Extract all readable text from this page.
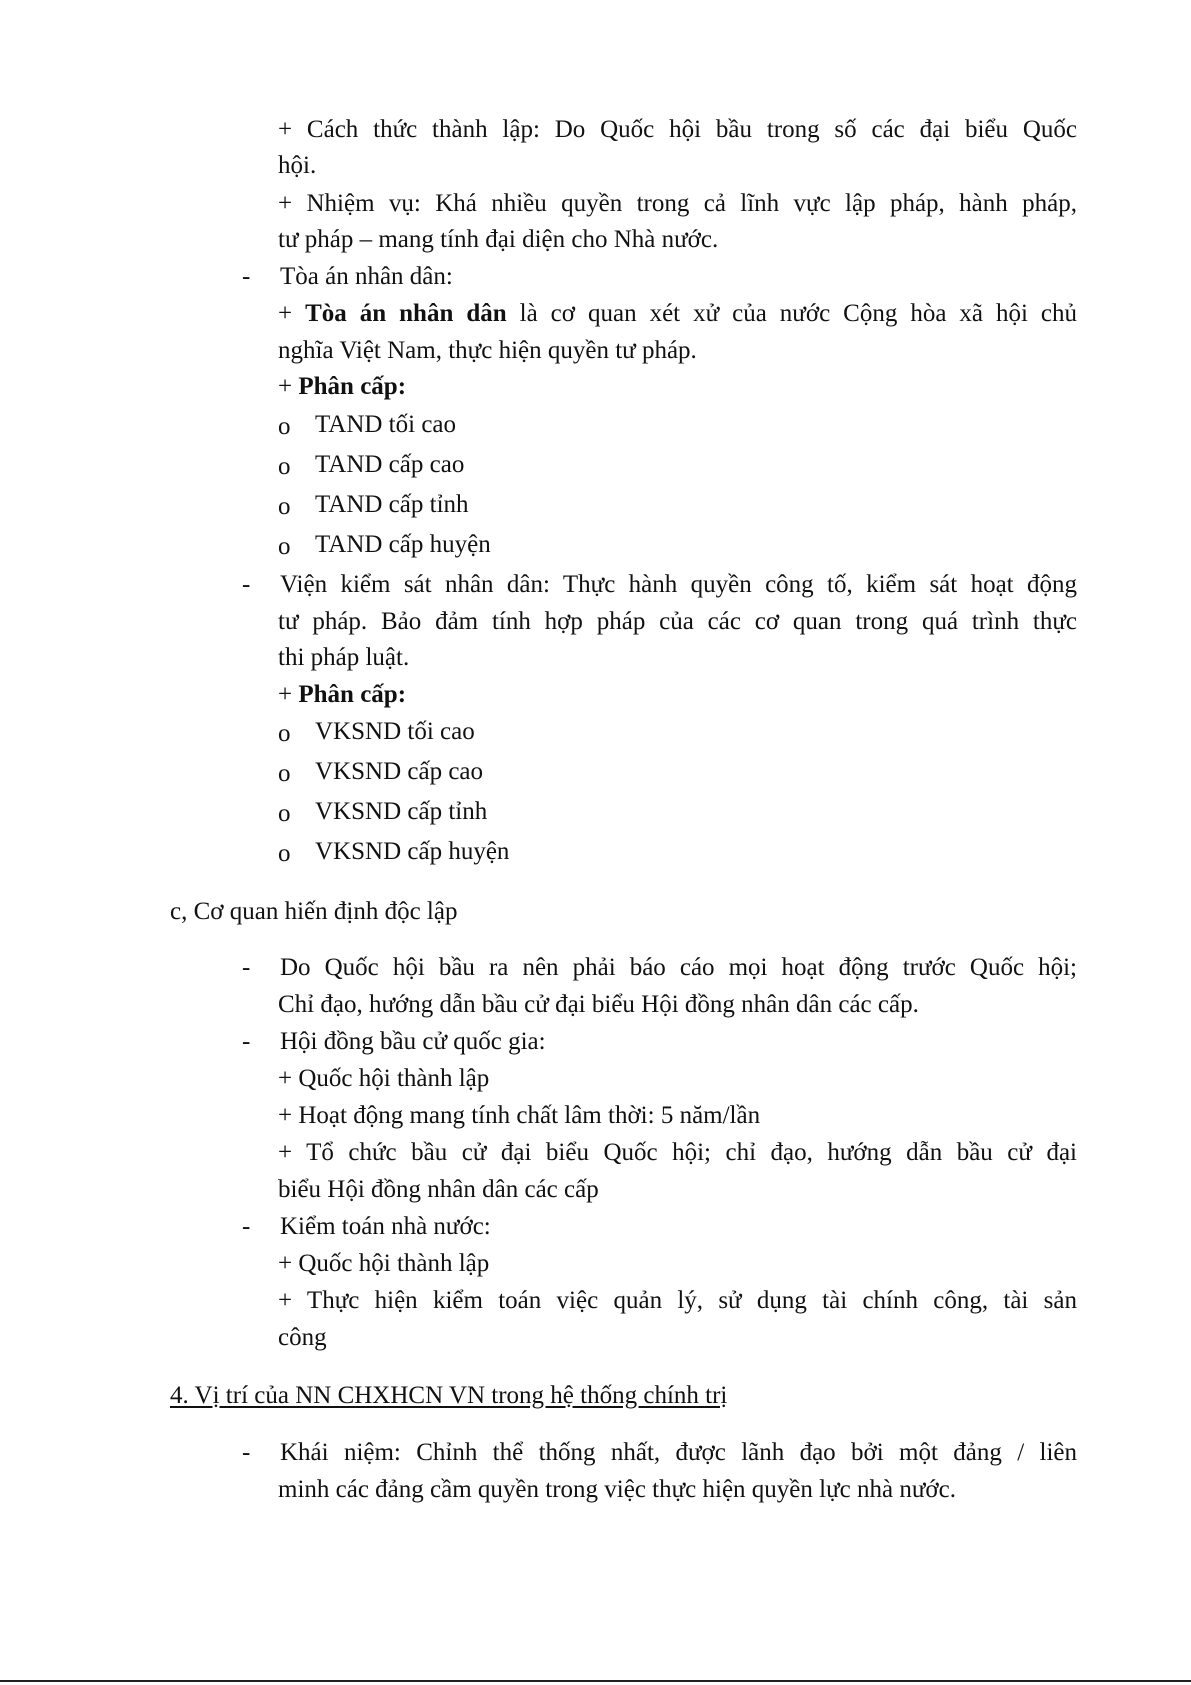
+ Cách thức thành lập: Do Quốc hội bầu trong số các đại biểu Quốc
hội.
+ Nhiệm vụ: Khá nhiều quyền trong cả lĩnh vực lập pháp, hành pháp,
tư pháp – mang tính đại diện cho Nhà nước.
- Tòa án nhân dân:
+ Tòa án nhân dân là cơ quan xét xử của nước Cộng hòa xã hội chủ
nghĩa Việt Nam, thực hiện quyền tư pháp.
+ Phân cấp:
o TAND tối cao
o TAND cấp cao
o TAND cấp tỉnh
o TAND cấp huyện
- Viện kiểm sát nhân dân: Thực hành quyền công tố, kiểm sát hoạt động
tư pháp. Bảo đảm tính hợp pháp của các cơ quan trong quá trình thực
thi pháp luật.
+ Phân cấp:
o VKSND tối cao
o VKSND cấp cao
o VKSND cấp tỉnh
o VKSND cấp huyện
c, Cơ quan hiến định độc lập
- Do Quốc hội bầu ra nên phải báo cáo mọi hoạt động trước Quốc hội;
Chỉ đạo, hướng dẫn bầu cử đại biểu Hội đồng nhân dân các cấp.
- Hội đồng bầu cử quốc gia:
+ Quốc hội thành lập
+ Hoạt động mang tính chất lâm thời: 5 năm/lần
+ Tổ chức bầu cử đại biểu Quốc hội; chỉ đạo, hướng dẫn bầu cử đại
biểu Hội đồng nhân dân các cấp
- Kiểm toán nhà nước:
+ Quốc hội thành lập
+ Thực hiện kiểm toán việc quản lý, sử dụng tài chính công, tài sản
công
4. Vị trí của NN CHXHCN VN trong hệ thống chính trị
- Khái niệm: Chỉnh thể thống nhất, được lãnh đạo bởi một đảng / liên
minh các đảng cầm quyền trong việc thực hiện quyền lực nhà nước.
